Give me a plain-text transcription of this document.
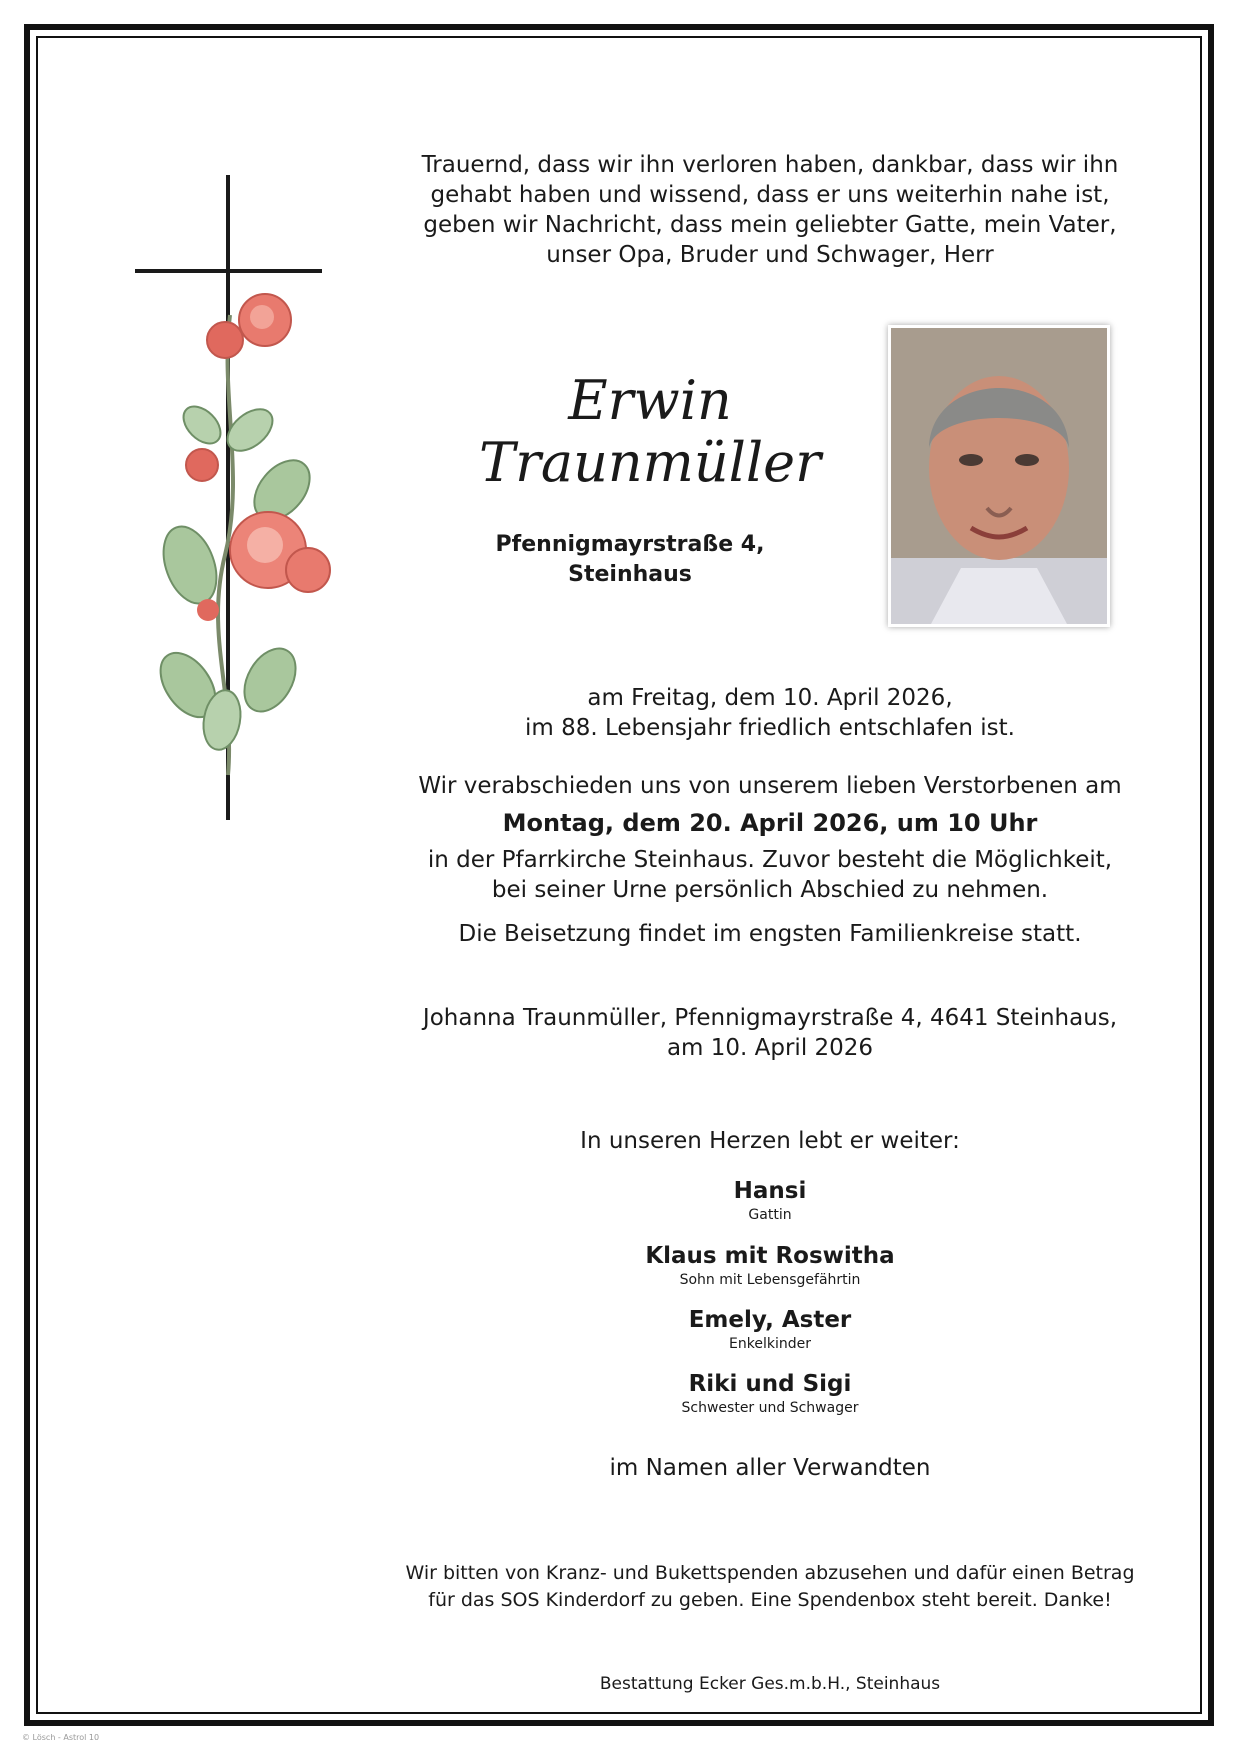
Trauernd, dass wir ihn verloren haben, dankbar, dass wir ihn
gehabt haben und wissend, dass er uns weiterhin nahe ist,
geben wir Nachricht, dass mein geliebter Gatte, mein Vater,
unser Opa, Bruder und Schwager, Herr
Erwin
Traunmüller
Pfennigmayrstraße 4,
Steinhaus
am Freitag, dem 10. April 2026,
im 88. Lebensjahr friedlich entschlafen ist.
Wir verabschieden uns von unserem lieben Verstorbenen am
Montag, dem 20. April 2026, um 10 Uhr
in der Pfarrkirche Steinhaus. Zuvor besteht die Möglichkeit,
bei seiner Urne persönlich Abschied zu nehmen.
Die Beisetzung findet im engsten Familienkreise statt.
Johanna Traunmüller, Pfennigmayrstraße 4, 4641 Steinhaus,
am 10. April 2026
In unseren Herzen lebt er weiter:
Hansi
Gattin
Klaus mit Roswitha
Sohn mit Lebensgefährtin
Emely, Aster
Enkelkinder
Riki und Sigi
Schwester und Schwager
im Namen aller Verwandten
Wir bitten von Kranz- und Bukettspenden abzusehen und dafür einen Betrag
für das SOS Kinderdorf zu geben. Eine Spendenbox steht bereit. Danke!
Bestattung Ecker Ges.m.b.H., Steinhaus
© Lösch - Astrol 10
